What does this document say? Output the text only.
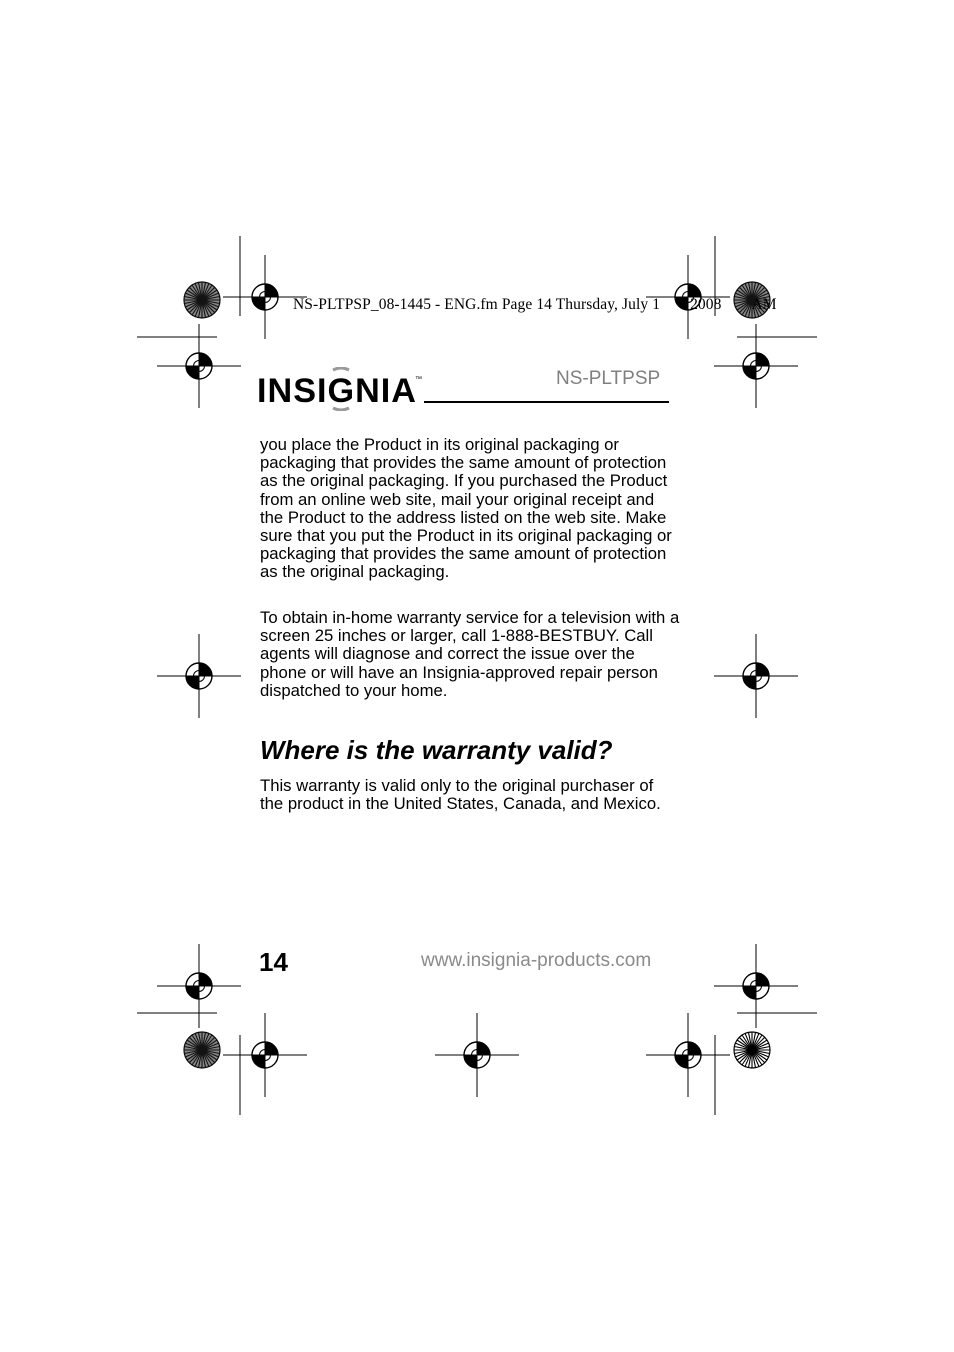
NS-PLTPSP_08-1445 - ENG.fm Page 14 Thursday, July 1 2008 AM
INSIGNIA
™	NS-PLTPSP

you place the Product in its original packaging or packaging that provides the same amount of protection as the original packaging. If you purchased the Product from an online web site, mail your original receipt and the Product to the address listed on the web site. Make sure that you put the Product in its original packaging or packaging that provides the same amount of protection as the original packaging.

To obtain in-home warranty service for a television with a screen 25 inches or larger, call 1-888-BESTBUY. Call agents will diagnose and correct the issue over the phone or will have an Insignia-approved repair person dispatched to your home.

Where is the warranty valid?

This warranty is valid only to the original purchaser of the product in the United States, Canada, and Mexico.

14	www.insignia-products.com
